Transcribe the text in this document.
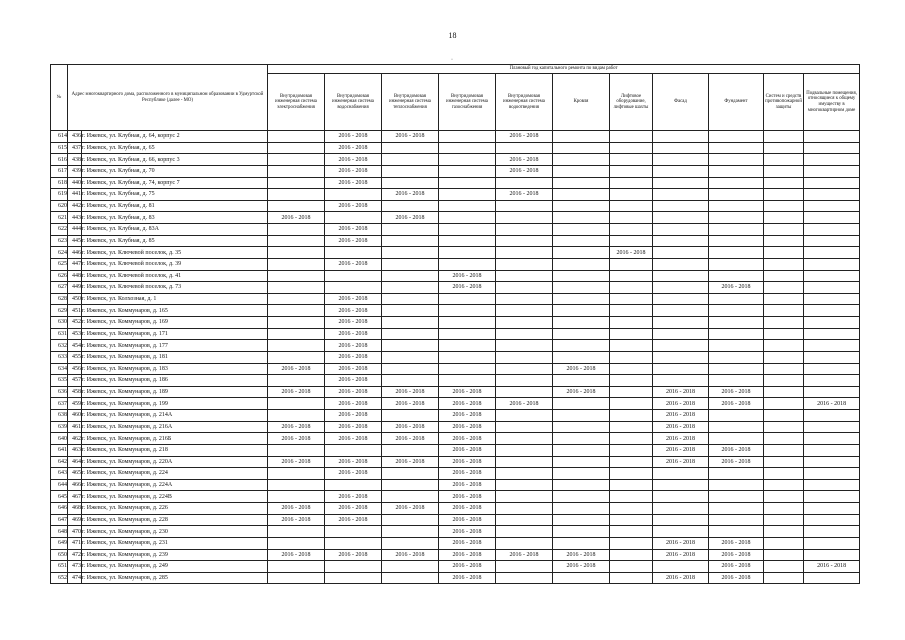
18
·
№	Адрес многоквартирного дома, расположенного в муниципальном образовании в Удмуртской Республике (далее - МО)		Плановый год капитального ремонта по видам работ										
			Внутридомовая инженерная система электроснабжения	Внутридомовая инженерная система водоснабжения	Внутридомовая инженерная система теплоснабжения	Внутридомовая инженерная система газоснабжения	Внутридомовая инженерная система водоотведения	Кровля	Лифтовое оборудование, лифтовые шахты	Фасад	Фундамент	Систем и средств противопожарной защиты	Подвальные помещения, относящиеся к общему имуществу в многоквартирном доме
614	436	г. Ижевск, ул. Клубная, д. 64, корпус 2		2016 - 2018	2016 - 2018		2016 - 2018						
615	437	г. Ижевск, ул. Клубная, д. 65		2016 - 2018									
616	438	г. Ижевск, ул. Клубная, д. 66, корпус 3		2016 - 2018			2016 - 2018						
617	439	г. Ижевск, ул. Клубная, д. 70		2016 - 2018			2016 - 2018						
618	440	г. Ижевск, ул. Клубная, д. 74, корпус 7		2016 - 2018									
619	441	г. Ижевск, ул. Клубная, д. 75			2016 - 2018		2016 - 2018						
620	442	г. Ижевск, ул. Клубная, д. 81		2016 - 2018									
621	443	г. Ижевск, ул. Клубная, д. 83	2016 - 2018		2016 - 2018								
622	444	г. Ижевск, ул. Клубная, д. 83А		2016 - 2018									
623	445	г. Ижевск, ул. Клубная, д. 85		2016 - 2018									
624	446	г. Ижевск, ул. Ключевой поселок, д. 35							2016 - 2018				
625	447	г. Ижевск, ул. Ключевой поселок, д. 39		2016 - 2018									
626	448	г. Ижевск, ул. Ключевой поселок, д. 41				2016 - 2018							
627	449	г. Ижевск, ул. Ключевой поселок, д. 73				2016 - 2018					2016 - 2018		
628	450	г. Ижевск, ул. Колхозная, д. 1		2016 - 2018									
629	451	г. Ижевск, ул. Коммунаров, д. 165		2016 - 2018									
630	452	г. Ижевск, ул. Коммунаров, д. 169		2016 - 2018									
631	453	г. Ижевск, ул. Коммунаров, д. 171		2016 - 2018									
632	454	г. Ижевск, ул. Коммунаров, д. 177		2016 - 2018									
633	455	г. Ижевск, ул. Коммунаров, д. 181		2016 - 2018									
634	456	г. Ижевск, ул. Коммунаров, д. 183	2016 - 2018	2016 - 2018				2016 - 2018					
635	457	г. Ижевск, ул. Коммунаров, д. 186		2016 - 2018									
636	458	г. Ижевск, ул. Коммунаров, д. 189	2016 - 2018	2016 - 2018	2016 - 2018	2016 - 2018		2016 - 2018		2016 - 2018	2016 - 2018		
637	459	г. Ижевск, ул. Коммунаров, д. 199		2016 - 2018	2016 - 2018	2016 - 2018	2016 - 2018			2016 - 2018	2016 - 2018		2016 - 2018
638	460	г. Ижевск, ул. Коммунаров, д. 214А		2016 - 2018		2016 - 2018				2016 - 2018			
639	461	г. Ижевск, ул. Коммунаров, д. 216А	2016 - 2018	2016 - 2018	2016 - 2018	2016 - 2018				2016 - 2018			
640	462	г. Ижевск, ул. Коммунаров, д. 216Б	2016 - 2018	2016 - 2018	2016 - 2018	2016 - 2018				2016 - 2018			
641	463	г. Ижевск, ул. Коммунаров, д. 218				2016 - 2018				2016 - 2018	2016 - 2018		
642	464	г. Ижевск, ул. Коммунаров, д. 220А	2016 - 2018	2016 - 2018	2016 - 2018	2016 - 2018				2016 - 2018	2016 - 2018		
643	465	г. Ижевск, ул. Коммунаров, д. 224		2016 - 2018		2016 - 2018							
644	466	г. Ижевск, ул. Коммунаров, д. 224А				2016 - 2018							
645	467	г. Ижевск, ул. Коммунаров, д. 224В		2016 - 2018		2016 - 2018							
646	468	г. Ижевск, ул. Коммунаров, д. 226	2016 - 2018	2016 - 2018	2016 - 2018	2016 - 2018							
647	469	г. Ижевск, ул. Коммунаров, д. 228	2016 - 2018	2016 - 2018		2016 - 2018							
648	470	г. Ижевск, ул. Коммунаров, д. 230				2016 - 2018							
649	471	г. Ижевск, ул. Коммунаров, д. 231				2016 - 2018				2016 - 2018	2016 - 2018		
650	472	г. Ижевск, ул. Коммунаров, д. 239	2016 - 2018	2016 - 2018	2016 - 2018	2016 - 2018	2016 - 2018	2016 - 2018		2016 - 2018	2016 - 2018		
651	473	г. Ижевск, ул. Коммунаров, д. 249				2016 - 2018		2016 - 2018			2016 - 2018		2016 - 2018
652	474	г. Ижевск, ул. Коммунаров, д. 285				2016 - 2018				2016 - 2018	2016 - 2018		
